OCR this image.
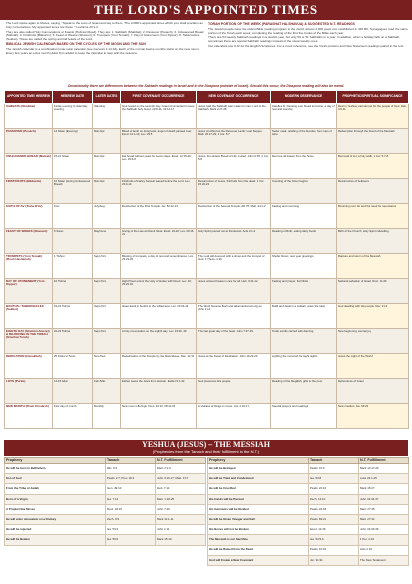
THE LORD'S APPOINTED TIMES
The Lord spoke again to Moses, saying, "Speak to the sons of Israel and say to them, 'The LORD's appointed times which you shall proclaim as holy convocations. My appointed times are these.'" Leviticus 23:1-2.
They are also called Holy Convocations or Feasts (Hebrew Moed). They are: 1. Sabbath (Shabbat); 2. Passover (Pesach); 3. Unleavened Bread (Matzah); 4. Firstfruits (Bikkurim); 5. Feast of Weeks (Shavuot); 6. Trumpets (Yom Teruah); 7. Day of Atonement (Yom Kippur); 8. Tabernacles (Sukkot). These are called the spring and fall feasts of the Lord.
BIBLICAL JEWISH CALENDAR BASED ON THE CYCLES OF THE MOON AND THE SUN
The Jewish calendar is a combination lunar-solar calendar (see Genesis 1:14-16). Each of the normal twelve months starts on the new moon. Every few years an extra month (Adar II) is added to keep the calendar in step with the seasons.
TORAH PORTION OF THE WEEK (PARASHAT HA-SHAVUA) & SUGGESTED N.T. READINGS
The Jewish people have the oldest Bible reading program in the world: almost 3,000 years old, established in 446 BC. Synagogues read the same portion of the Torah each week, completing the reading of the first five books of the Bible each year.
There are 54 weekly Sabbath readings in a Jewish year, but only 50 or 51 Sabbaths in a year. In addition, when a holiday falls on a Sabbath, sometimes there are special Sabbath readings instead of the usual weekly ones.
Our calendars use KJV for the English Scriptures. For a cross reference, see the Torah portions and New Testament readings paired in the text.
Occasionally there are differences between the Sabbath readings in Israel and in the Diaspora (outside of Israel). Should this occur, the Diaspora reading will also be noted.
APPOINTED TIME/ HEBREW	HEBREW DATE	LATER DATES	FIRST COVENANT OCCURRENCE	NEW COVENANT OCCURRENCE	MODERN OBSERVANCE	PROPHETIC/SPIRITUAL SIGNIFICANCE
SABBATH (Shabbat)	Friday evening to Saturday evening	Saturday	God rested on the seventh day. Israel commanded to keep the Sabbath holy. Exod. 20:8-11; 31:12-17	Jesus said the Sabbath was made for man; Lord of the Sabbath. Mark 2:27-28	Candles lit, blessing over bread and wine, a day of rest and worship	Rest in Yeshua; eternal rest for the people of God. Heb. 4:9-11
PASSOVER (Pesach)	14 Nisan (Evening)	Mar./Apr.	Blood of lamb on doorposts; angel of death passed over. Exod. 12:1-14; Lev. 23:5	Jesus crucified as the Passover Lamb; Last Supper. Matt. 26:17-29; 1 Cor. 5:7	Seder meal, retelling of the Exodus, four cups of wine	Redemption through the blood of the Messiah
UNLEAVENED BREAD (Matzah)	15-21 Nisan	Mar./Apr.	Eat bread without yeast for seven days. Exod. 12:15-20; Lev. 23:6-8	Jesus, the sinless Bread of Life, buried. John 6:35; 1 Cor. 5:8	Remove all leaven from the home	Removal of sin; a holy walk. 1 Cor. 5:7-8
FIRSTFRUITS (Bikkurim)	16 Nisan (during Unleavened Bread)	Mar./Apr.	Firstfruits of barley harvest waved before the Lord. Lev. 23:9-14	Resurrection of Jesus, firstfruits from the dead. 1 Cor. 15:20-23	Counting of the Omer begins	Resurrection of believers
SIXTH OF AV (Tisha B'Av)	9 Av	July/Aug.	Destruction of the First Temple. Jer. 52:12-13	Destruction of the Second Temple, AD 70. Matt. 24:1-2	Fasting and mourning	Mourning over sin and the need for repentance
FEAST OF WEEKS (Shavuot)	6 Sivan	May/June	Giving of the Law at Mount Sinai. Exod. 19-20; Lev. 23:15-21	Holy Spirit poured out at Pentecost. Acts 2:1-4	Reading of Ruth, eating dairy foods	Birth of the Church; Holy Spirit indwelling
TRUMPETS (Yom Teruah) (Rosh Hashanah)	1 Tishrei	Sept./Oct.	Blowing of trumpets; a day of rest and remembrance. Lev. 23:23-25	The Lord will descend with a shout and the trumpet of God. 1 Thess. 4:16	Shofar blown; new year greetings	Rapture and return of the Messiah
DAY OF ATONEMENT (Yom Kippur)	10 Tishrei	Sept./Oct.	High Priest enters the Holy of Holies with blood. Lev. 16; 23:26-32	Jesus entered heaven once for all. Heb. 9:11-12	Fasting and prayer, Kol Nidre	National salvation of Israel. Rom. 11:26
BOOTHS / TABERNACLES (Sukkot)	15-22 Tishrei	Sept./Oct.	Israel dwelt in booths in the wilderness. Lev. 23:33-43	The Word became flesh and tabernacled among us. John 1:14	Build and dwell in a sukkah, wave the lulav	God dwelling with His people. Rev. 21:3
EIGHTH DAY (Shemini Atzeret) & REJOICING IN THE TORAH (Simchat Torah)	22-23 Tishrei	Sept./Oct.	A holy convocation on the eighth day. Lev. 23:36, 39	The last great day of the feast. John 7:37-39	Torah scrolls carried with dancing	New beginning; eternal joy
DEDICATION (Hanukkah)	25 Kislev-2 Tevet	Nov./Dec.	Rededication of the Temple by the Maccabees. Dan. 11:31	Jesus at the Feast of Dedication. John 10:22-23	Lighting the menorah for eight nights	Jesus the Light of the World
LOTS (Purim)	14-15 Adar	Feb./Mar.	Esther saves the Jews from Haman. Esther 9:1-32	God preserves His people	Reading of the Megillah, gifts to the poor	Deliverance of Israel
NEW MONTH (Rosh Chodesh)	First day of month	Monthly	New moon offerings. Num. 10:10; 28:11-15	A shadow of things to come. Col. 2:16-17	Special prayers and readings	New creation. Isa. 66:23
YESHUA (JESUS) – THE MESSIAH
(Prophecies from the Tanach and their fulfillment in the N.T.)
Prophecy	Tanach	N.T. Fulfillment
He will be born in Bethlehem	Mic. 5:2	Matt. 2:1-6
Son of God	Psalm 2:7; Prov. 30:4	John 3:16-17; Matt. 3:17
From the Tribe of Judah	Gen. 49:10	Heb. 7:14
Born of a Virgin	Isa. 7:14	Matt. 1:18-25
A Prophet like Moses	Deut. 18:15	John 7:40
He will enter Jerusalem on a Donkey	Zech. 9:9	Mark 11:1-11
He will be rejected	Isa. 53:3	John 1:11
He will be Beaten	Isa. 50:6	Mark 15:19
Prophecy	Tanach	N.T. Fulfillment
He will be Betrayed	Psalm 41:9	Mark 14:17-20
He will be Tried and Condemned	Isa. 53:8	Luke 23:1-25
He will be Crucified	Psalm 22:16	Mark 15:27
His hands will be Pierced	Zech. 12:10	John 19:34-37
His Garments will be Divided	Psalm 22:18	Matt. 27:35
He will be Given Vinegar and Gall	Psalm 69:21	Matt. 27:34
His Bones will not be Broken	Exod. 12:46	John 19:33-36
The Messiah is our Sacrifice	Isa. 53:5-6	1 Pet. 2:24
He will be Raised from the Dead	Psalm 16:10	Acts 2:31
God will Create a New Covenant	Jer. 31:31	The New Testament
